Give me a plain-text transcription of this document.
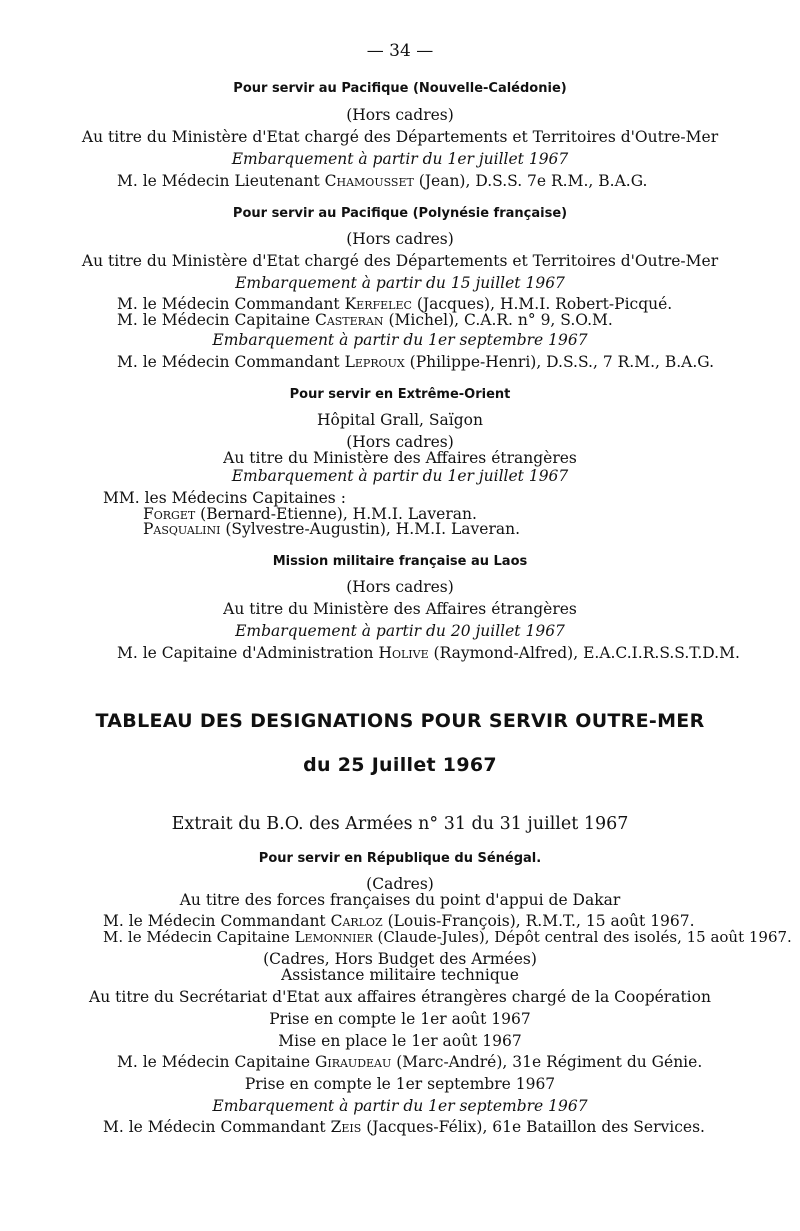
— 34 —
Pour servir au Pacifique (Nouvelle-Calédonie)
(Hors cadres)
Au titre du Ministère d'Etat chargé des Départements et Territoires d'Outre-Mer
Embarquement à partir du 1er juillet 1967
M. le Médecin Lieutenant Chamousset (Jean), D.S.S. 7e R.M., B.A.G.
Pour servir au Pacifique (Polynésie française)
(Hors cadres)
Au titre du Ministère d'Etat chargé des Départements et Territoires d'Outre-Mer
Embarquement à partir du 15 juillet 1967
M. le Médecin Commandant Kerfelec (Jacques), H.M.I. Robert-Picqué.
M. le Médecin Capitaine Casteran (Michel), C.A.R. n° 9, S.O.M.
Embarquement à partir du 1er septembre 1967
M. le Médecin Commandant Leproux (Philippe-Henri), D.S.S., 7 R.M., B.A.G.
Pour servir en Extrême-Orient
Hôpital Grall, Saïgon
(Hors cadres)
Au titre du Ministère des Affaires étrangères
Embarquement à partir du 1er juillet 1967
MM. les Médecins Capitaines :
Forget (Bernard-Etienne), H.M.I. Laveran.
Pasqualini (Sylvestre-Augustin), H.M.I. Laveran.
Mission militaire française au Laos
(Hors cadres)
Au titre du Ministère des Affaires étrangères
Embarquement à partir du 20 juillet 1967
M. le Capitaine d'Administration Holive (Raymond-Alfred), E.A.C.I.R.S.S.T.D.M.
TABLEAU DES DESIGNATIONS POUR SERVIR OUTRE-MER
du 25 Juillet 1967
Extrait du B.O. des Armées n° 31 du 31 juillet 1967
Pour servir en République du Sénégal.
(Cadres)
Au titre des forces françaises du point d'appui de Dakar
M. le Médecin Commandant Carloz (Louis-François), R.M.T., 15 août 1967.
M. le Médecin Capitaine Lemonnier (Claude-Jules), Dépôt central des isolés, 15 août 1967.
(Cadres, Hors Budget des Armées)
Assistance militaire technique
Au titre du Secrétariat d'Etat aux affaires étrangères chargé de la Coopération
Prise en compte le 1er août 1967
Mise en place le 1er août 1967
M. le Médecin Capitaine Giraudeau (Marc-André), 31e Régiment du Génie.
Prise en compte le 1er septembre 1967
Embarquement à partir du 1er septembre 1967
M. le Médecin Commandant Zeis (Jacques-Félix), 61e Bataillon des Services.
